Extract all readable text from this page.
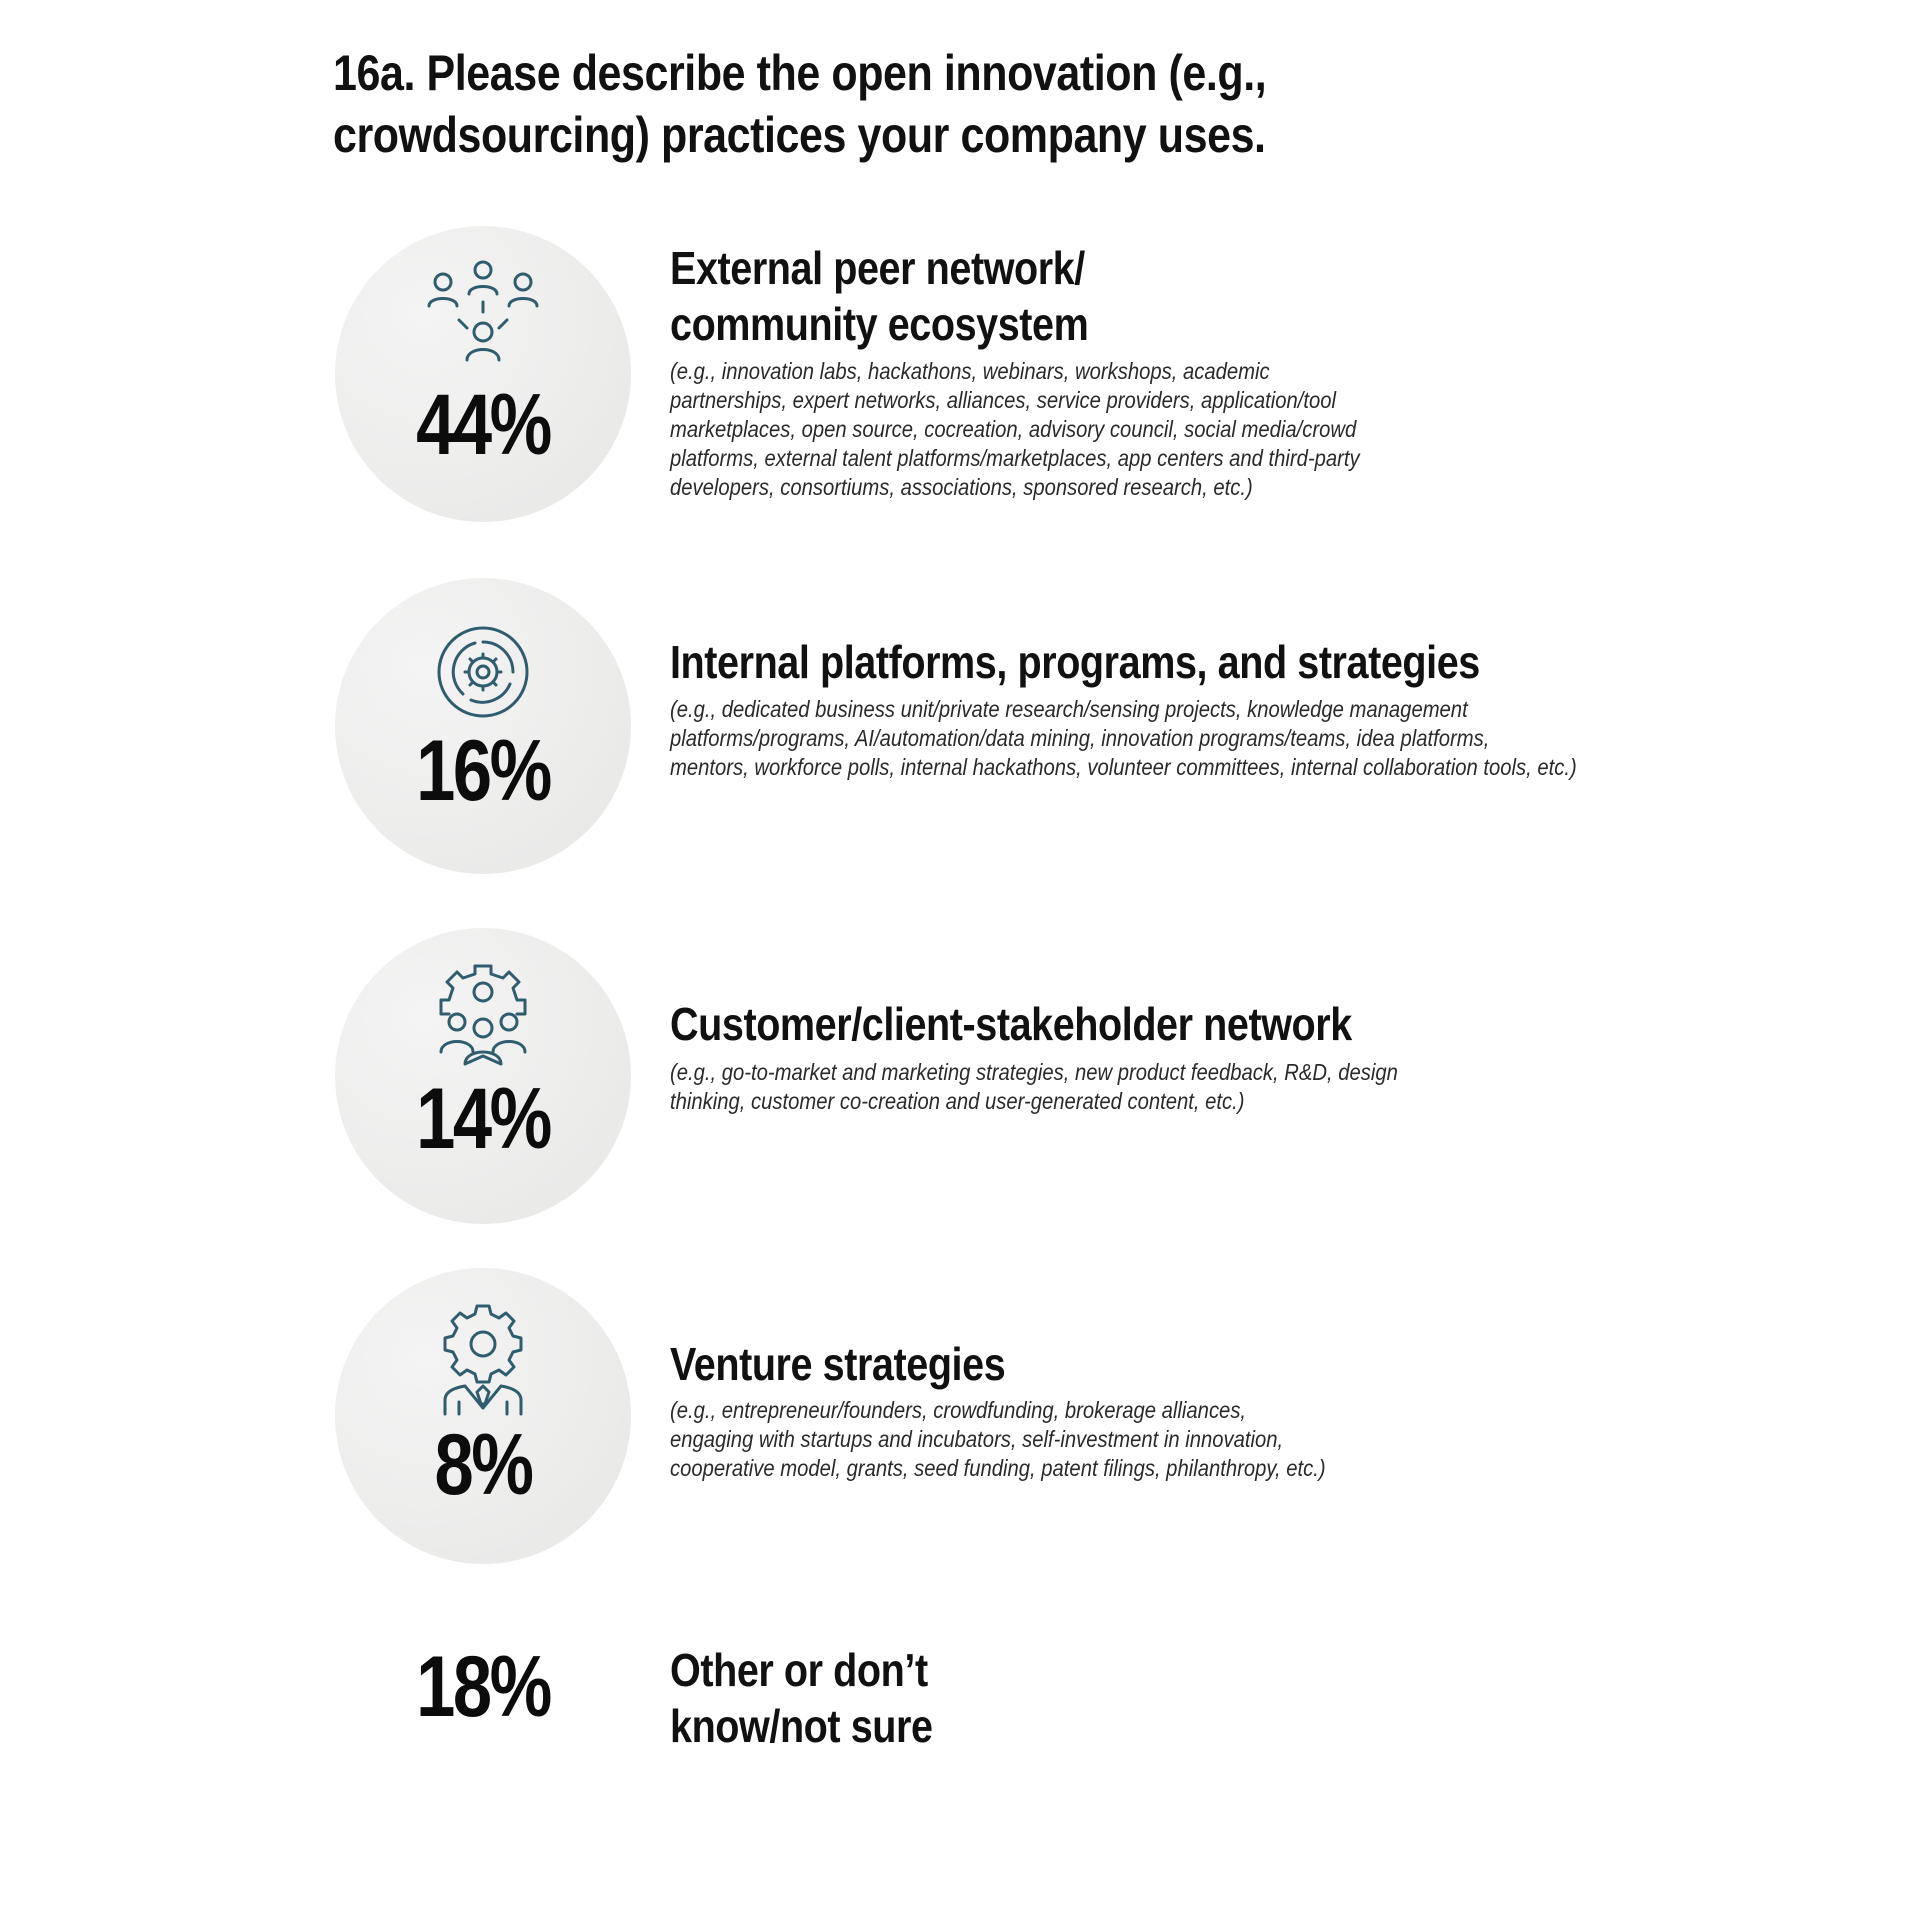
16a. Please describe the open innovation (e.g., crowdsourcing) practices your company uses.
44%
External peer network/
community ecosystem
(e.g., innovation labs, hackathons, webinars, workshops, academic
partnerships, expert networks, alliances, service providers, application/tool
marketplaces, open source, cocreation, advisory council, social media/crowd
platforms, external talent platforms/marketplaces, app centers and third-party
developers, consortiums, associations, sponsored research, etc.)
16%
Internal platforms, programs, and strategies
(e.g., dedicated business unit/private research/sensing projects, knowledge management
platforms/programs, AI/automation/data mining, innovation programs/teams, idea platforms,
mentors, workforce polls, internal hackathons, volunteer committees, internal collaboration tools, etc.)
14%
Customer/client-stakeholder network
(e.g., go-to-market and marketing strategies, new product feedback, R&D, design
thinking, customer co-creation and user-generated content, etc.)
8%
Venture strategies
(e.g., entrepreneur/founders, crowdfunding, brokerage alliances,
engaging with startups and incubators, self-investment in innovation,
cooperative model, grants, seed funding, patent filings, philanthropy, etc.)
18%	Other or don’t
know/not sure
